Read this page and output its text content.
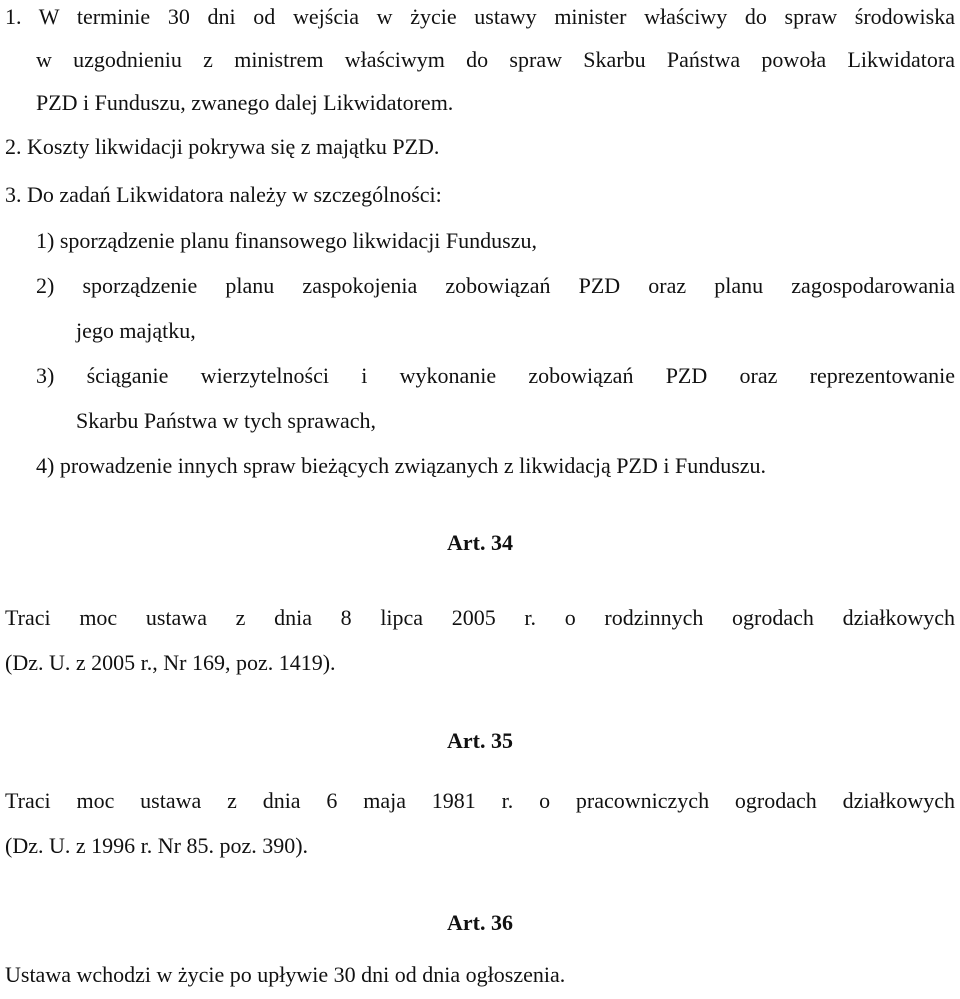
1. W terminie 30 dni od wejścia w życie ustawy minister właściwy do spraw środowiska
w uzgodnieniu z ministrem właściwym do spraw Skarbu Państwa powoła Likwidatora
PZD i Funduszu, zwanego dalej Likwidatorem.
2. Koszty likwidacji pokrywa się z majątku PZD.
3. Do zadań Likwidatora należy w szczególności:
1) sporządzenie planu finansowego likwidacji Funduszu,
2) sporządzenie planu zaspokojenia zobowiązań PZD oraz planu zagospodarowania
jego majątku,
3) ściąganie wierzytelności i wykonanie zobowiązań PZD oraz reprezentowanie
Skarbu Państwa w tych sprawach,
4) prowadzenie innych spraw bieżących związanych z likwidacją PZD i Funduszu.
Art. 34
Traci moc ustawa z dnia 8 lipca 2005 r. o rodzinnych ogrodach działkowych
(Dz. U. z 2005 r., Nr 169, poz. 1419).
Art. 35
Traci moc ustawa z dnia 6 maja 1981 r. o pracowniczych ogrodach działkowych
(Dz. U. z 1996 r. Nr 85. poz. 390).
Art. 36
Ustawa wchodzi w życie po upływie 30 dni od dnia ogłoszenia.
